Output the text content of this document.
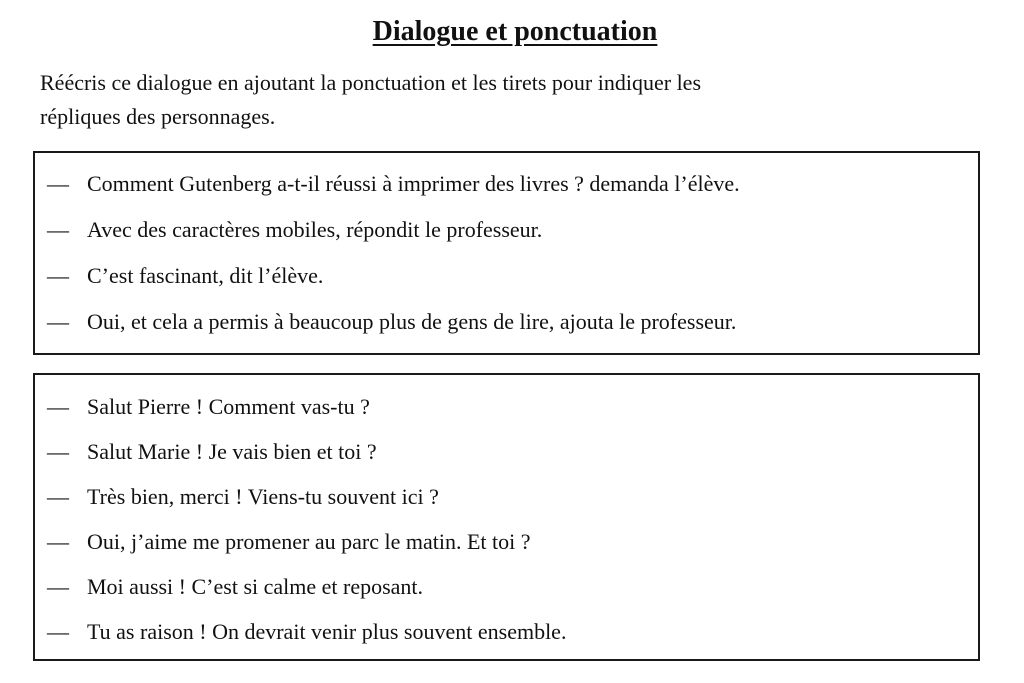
Dialogue et ponctuation

Réécris ce dialogue en ajoutant la ponctuation et les tirets pour indiquer les
répliques des personnages.

— Comment Gutenberg a-t-il réussi à imprimer des livres ? demanda l’élève.
— Avec des caractères mobiles, répondit le professeur.
— C’est fascinant, dit l’élève.
— Oui, et cela a permis à beaucoup plus de gens de lire, ajouta le professeur.
— Salut Pierre ! Comment vas-tu ?
— Salut Marie ! Je vais bien et toi ?
— Très bien, merci ! Viens-tu souvent ici ?
— Oui, j’aime me promener au parc le matin. Et toi ?
— Moi aussi ! C’est si calme et reposant.
— Tu as raison ! On devrait venir plus souvent ensemble.
